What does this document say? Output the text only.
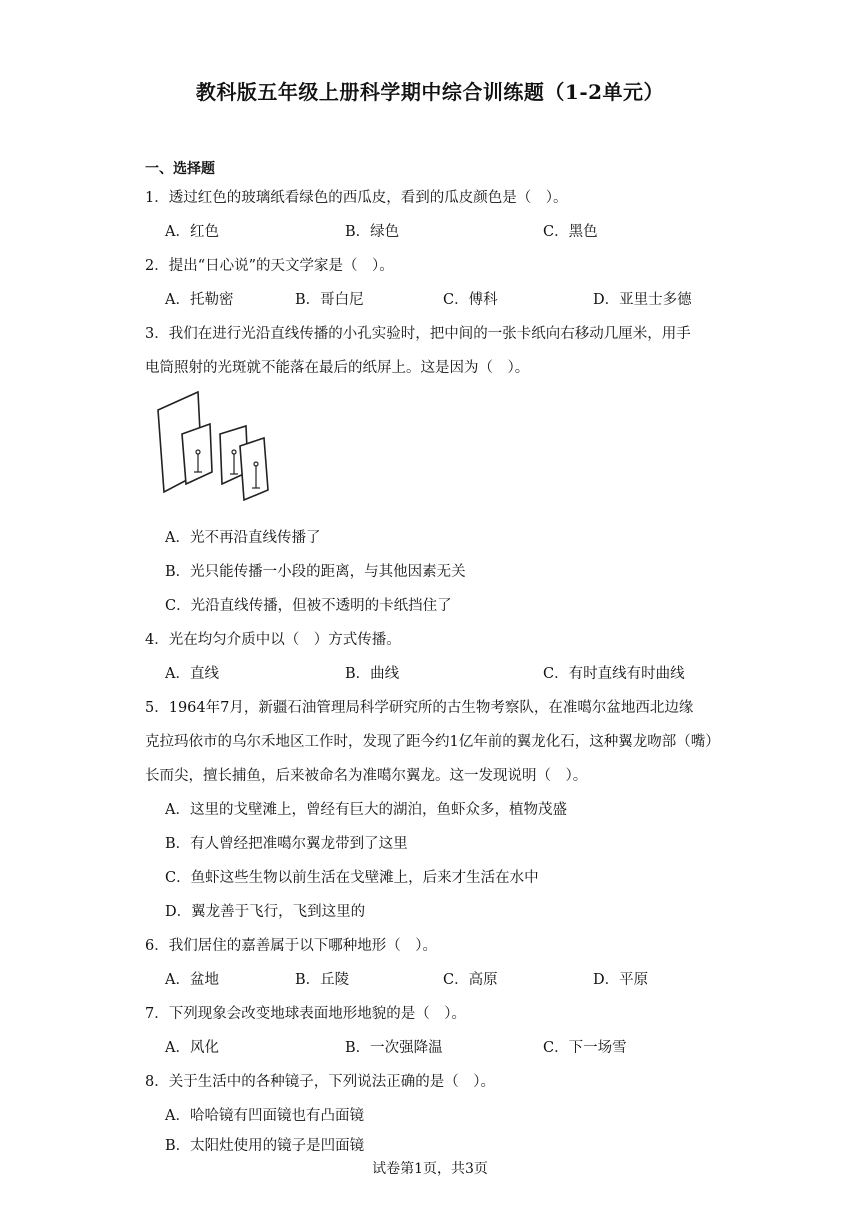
教科版五年级上册科学期中综合训练题（1-2单元）
一、选择题
1．透过红色的玻璃纸看绿色的西瓜皮，看到的瓜皮颜色是（　）。
A．红色	B．绿色	C．黑色
2．提出“日心说”的天文学家是（　）。
A．托勒密	B．哥白尼	C．傅科	D．亚里士多德
3．我们在进行光沿直线传播的小孔实验时，把中间的一张卡纸向右移动几厘米，用手
电筒照射的光斑就不能落在最后的纸屏上。这是因为（　）。
A．光不再沿直线传播了
B．光只能传播一小段的距离，与其他因素无关
C．光沿直线传播，但被不透明的卡纸挡住了
4．光在均匀介质中以（　）方式传播。
A．直线	B．曲线	C．有时直线有时曲线
5．1964年7月，新疆石油管理局科学研究所的古生物考察队，在准噶尔盆地西北边缘
克拉玛依市的乌尔禾地区工作时，发现了距今约1亿年前的翼龙化石，这种翼龙吻部（嘴）
长而尖，擅长捕鱼，后来被命名为准噶尔翼龙。这一发现说明（　）。
A．这里的戈壁滩上，曾经有巨大的湖泊，鱼虾众多，植物茂盛
B．有人曾经把准噶尔翼龙带到了这里
C．鱼虾这些生物以前生活在戈壁滩上，后来才生活在水中
D．翼龙善于飞行，飞到这里的
6．我们居住的嘉善属于以下哪种地形（　）。
A．盆地	B．丘陵	C．高原	D．平原
7．下列现象会改变地球表面地形地貌的是（　）。
A．风化	B．一次强降温	C．下一场雪
8．关于生活中的各种镜子，下列说法正确的是（　）。
A．哈哈镜有凹面镜也有凸面镜
B．太阳灶使用的镜子是凹面镜
试卷第1页，共3页
